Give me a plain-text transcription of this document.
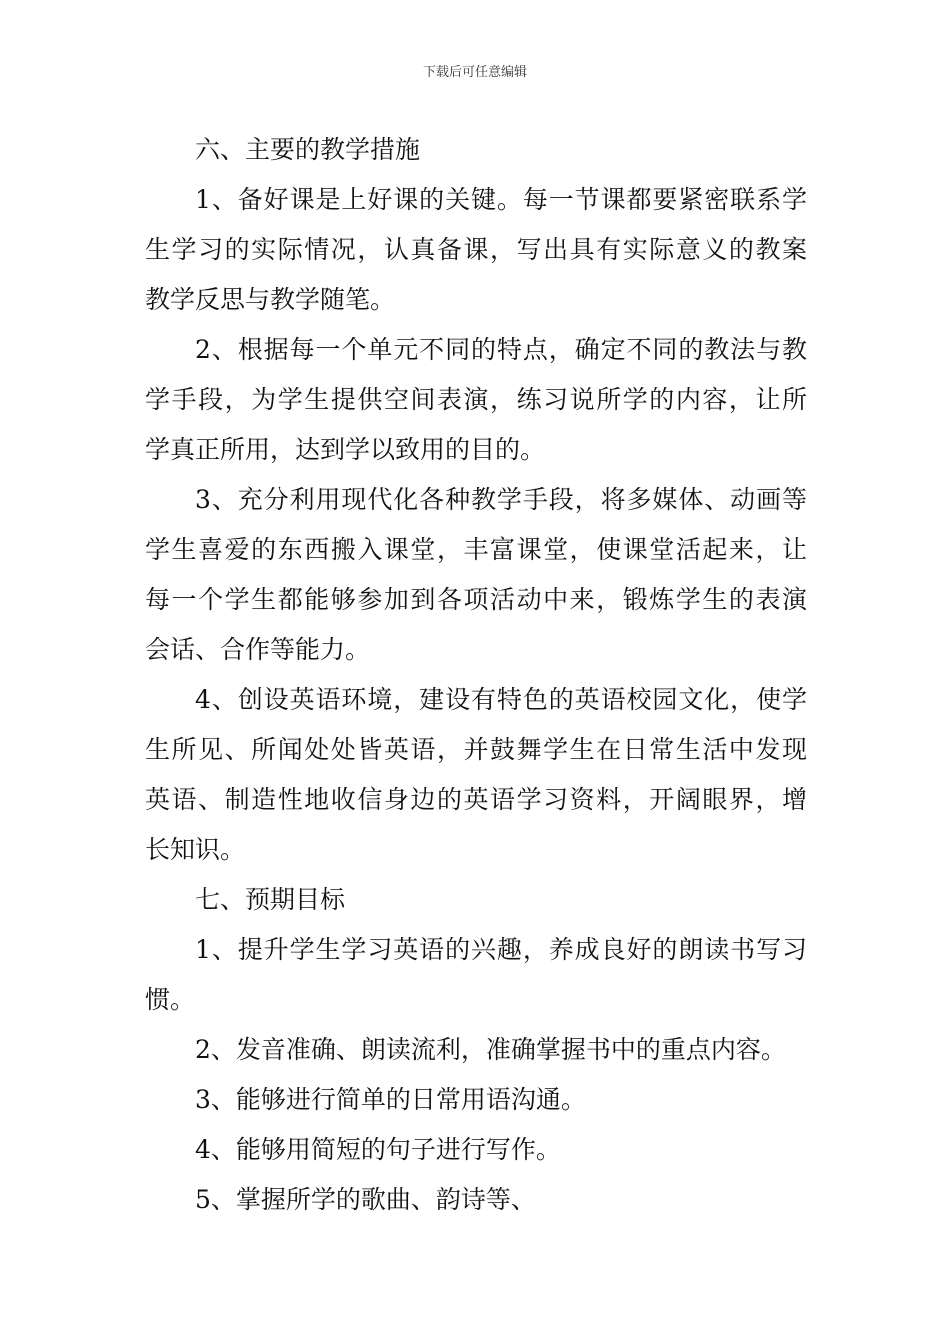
下载后可任意编辑
六、主要的教学措施
1、备好课是上好课的关键。每一节课都要紧密联系学
生学习的实际情况，认真备课，写出具有实际意义的教案
教学反思与教学随笔。
2、根据每一个单元不同的特点，确定不同的教法与教
学手段，为学生提供空间表演，练习说所学的内容，让所
学真正所用，达到学以致用的目的。
3、充分利用现代化各种教学手段，将多媒体、动画等
学生喜爱的东西搬入课堂，丰富课堂，使课堂活起来，让
每一个学生都能够参加到各项活动中来，锻炼学生的表演
会话、合作等能力。
4、创设英语环境，建设有特色的英语校园文化，使学
生所见、所闻处处皆英语，并鼓舞学生在日常生活中发现
英语、制造性地收信身边的英语学习资料，开阔眼界，增
长知识。
七、预期目标
1、提升学生学习英语的兴趣，养成良好的朗读书写习
惯。
2、发音准确、朗读流利，准确掌握书中的重点内容。
3、能够进行简单的日常用语沟通。
4、能够用简短的句子进行写作。
5、掌握所学的歌曲、韵诗等、
